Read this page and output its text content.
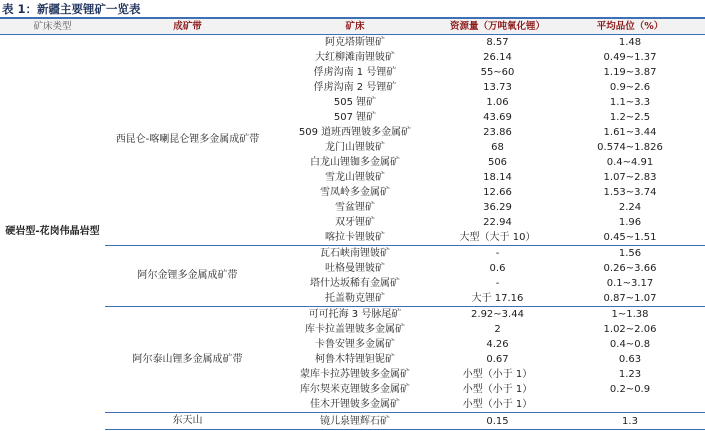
表 1：新疆主要锂矿一览表
矿床类型	成矿带	矿床	资源量（万吨氧化锂）	平均品位（%）
硬岩型-花岗伟晶岩型	西昆仑-喀喇昆仑锂多金属成矿带	阿克塔斯锂矿	8.57	1.48
		大红柳滩南锂铍矿	26.14	0.49~1.37
		俘虏沟南 1 号锂矿	55~60	1.19~3.87
		俘虏沟南 2 号锂矿	13.73	0.9~2.6
		505 锂矿	1.06	1.1~3.3
		507 锂矿	43.69	1.2~2.5
		509 道班西锂铍多金属矿	23.86	1.61~3.44
		龙门山锂铍矿	68	0.574~1.826
		白龙山锂铷多金属矿	506	0.4~4.91
		雪龙山锂铍矿	18.14	1.07~2.83
		雪凤岭多金属矿	12.66	1.53~3.74
		雪盆锂矿	36.29	2.24
		双牙锂矿	22.94	1.96
		喀拉卡锂铍矿	大型（大于 10）	0.45~1.51
	阿尔金锂多金属成矿带	瓦石峡南锂铍矿	-	1.56
		吐格曼锂铍矿	0.6	0.26~3.66
		塔什达坂稀有金属矿	-	0.1~3.17
		托盖勒克锂矿	大于 17.16	0.87~1.07
	阿尔泰山锂多金属成矿带	可可托海 3 号脉尾矿	2.92~3.44	1~1.38
		库卡拉盖锂铍多金属矿	2	1.02~2.06
		卡鲁安锂多金属矿	4.26	0.4~0.8
		柯鲁木特锂钽铌矿	0.67	0.63
		蒙库卡拉苏锂铍多金属矿	小型（小于 1）	1.23
		库尔契米克锂铍多金属矿	小型（小于 1）	0.2~0.9
		佳木开锂铍多金属矿	小型（小于 1）	
	东天山	镜儿泉锂辉石矿	0.15	1.3
